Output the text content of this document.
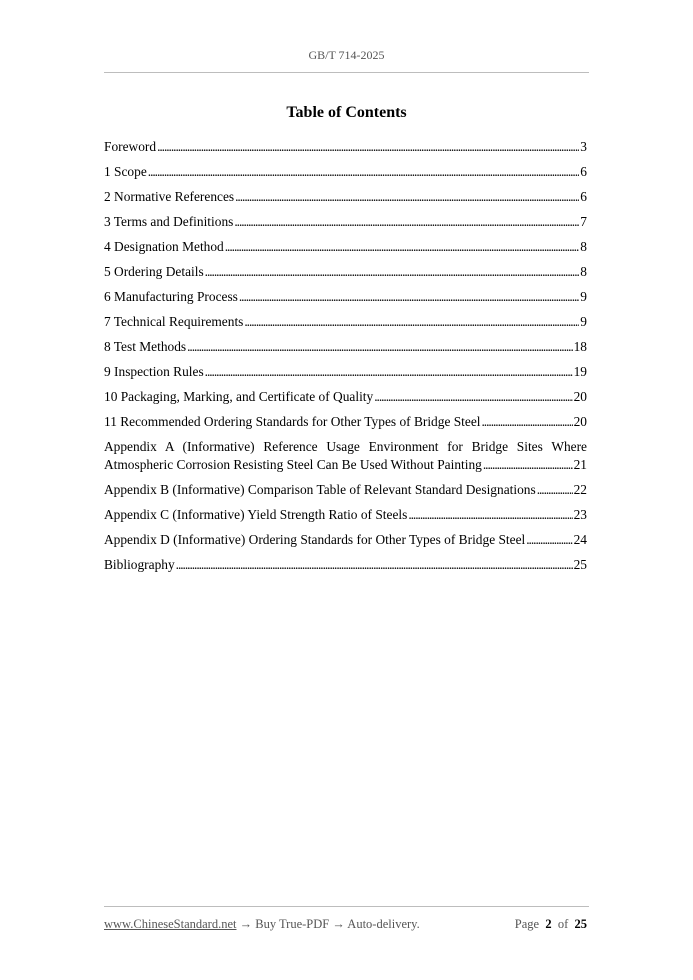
GB/T 714-2025
Table of Contents
Foreword . . .	3
1 Scope . . .	6
2 Normative References . . .	6
3 Terms and Definitions . . .	7
4 Designation Method . . .	8
5 Ordering Details . . .	8
6 Manufacturing Process . . .	9
7 Technical Requirements . . .	9
8 Test Methods . . .	18
9 Inspection Rules . . .	19
10 Packaging, Marking, and Certificate of Quality . . .	20
11 Recommended Ordering Standards for Other Types of Bridge Steel . . .	20
Appendix A (Informative) Reference Usage Environment for Bridge Sites Where
Atmospheric Corrosion Resisting Steel Can Be Used Without Painting . . .	21
Appendix B (Informative) Comparison Table of Relevant Standard Designations . . .	22
Appendix C (Informative) Yield Strength Ratio of Steels . . .	23
Appendix D (Informative) Ordering Standards for Other Types of Bridge Steel . . .	24
Bibliography . . .	25
www.ChineseStandard.net → Buy True-PDF → Auto-delivery.	Page 2 of 25
